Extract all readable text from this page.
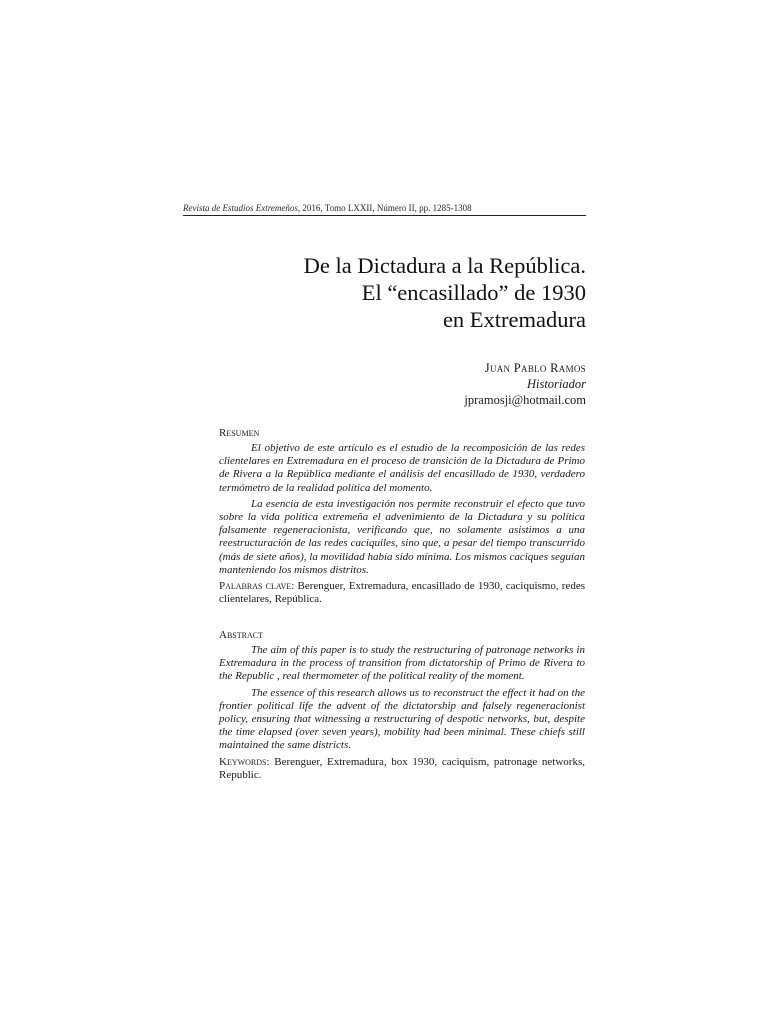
Revista de Estudios Extremeños, 2016, Tomo LXXII, Número II, pp. 1285-1308
De la Dictadura a la República.
El “encasillado” de 1930
en Extremadura
Juan Pablo Ramos
Historiador
jpramosji@hotmail.com
Resumen

El objetivo de este artículo es el estudio de la recomposición de las redes clientelares en Extremadura en el proceso de transición de la Dictadura de Primo de Rivera a la República mediante el análisis del encasillado de 1930, verdadero termómetro de la realidad política del momento.

La esencia de esta investigación nos permite reconstruir el efecto que tuvo sobre la vida política extremeña el advenimiento de la Dictadura y su política falsamente regeneracionista, verificando que, no solamente asistimos a una reestructuración de las redes caciquiles, sino que, a pesar del tiempo transcurrido (más de siete años), la movilidad había sido mínima. Los mismos caciques seguían manteniendo los mismos distritos.

Palabras clave: Berenguer, Extremadura, encasillado de 1930, caciquismo, redes clientelares, República.
Abstract

The aim of this paper is to study the restructuring of patronage networks in Extremadura in the process of transition from dictatorship of Primo de Rivera to the Republic , real thermometer of the political reality of the moment.

The essence of this research allows us to reconstruct the effect it had on the frontier political life the advent of the dictatorship and falsely regeneracionist policy, ensuring that witnessing a restructuring of despotic networks, but, despite the time elapsed (over seven years), mobility had been minimal. These chiefs still maintained the same districts.

Keywords: Berenguer, Extremadura, box 1930, caciquism, patronage networks, Republic.
